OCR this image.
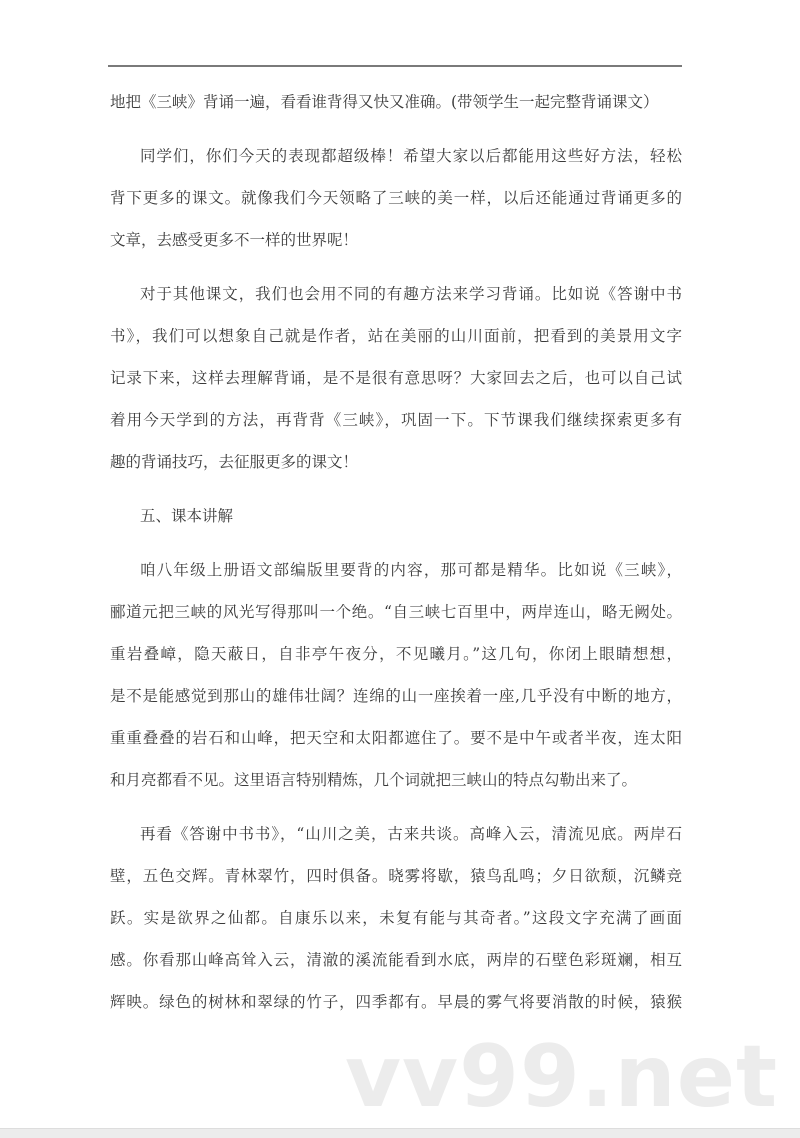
地把《三峡》背诵一遍，看看谁背得又快又准确。(带领学生一起完整背诵课文）
同学们，你们今天的表现都超级棒！希望大家以后都能用这些好方法，轻松
背下更多的课文。就像我们今天领略了三峡的美一样，以后还能通过背诵更多的
文章，去感受更多不一样的世界呢！
对于其他课文，我们也会用不同的有趣方法来学习背诵。比如说《答谢中书
书》，我们可以想象自己就是作者，站在美丽的山川面前，把看到的美景用文字
记录下来，这样去理解背诵，是不是很有意思呀？大家回去之后，也可以自己试
着用今天学到的方法，再背背《三峡》，巩固一下。下节课我们继续探索更多有
趣的背诵技巧，去征服更多的课文！
五、课本讲解
咱八年级上册语文部编版里要背的内容，那可都是精华。比如说《三峡》，
郦道元把三峡的风光写得那叫一个绝。“自三峡七百里中，两岸连山，略无阙处。
重岩叠嶂，隐天蔽日，自非亭午夜分，不见曦月。”这几句，你闭上眼睛想想，
是不是能感觉到那山的雄伟壮阔？连绵的山一座挨着一座,几乎没有中断的地方，
重重叠叠的岩石和山峰，把天空和太阳都遮住了。要不是中午或者半夜，连太阳
和月亮都看不见。这里语言特别精炼，几个词就把三峡山的特点勾勒出来了。
再看《答谢中书书》，“山川之美，古来共谈。高峰入云，清流见底。两岸石
壁，五色交辉。青林翠竹，四时俱备。晓雾将歇，猿鸟乱鸣；夕日欲颓，沉鳞竞
跃。实是欲界之仙都。自康乐以来，未复有能与其奇者。”这段文字充满了画面
感。你看那山峰高耸入云，清澈的溪流能看到水底，两岸的石壁色彩斑斓，相互
辉映。绿色的树林和翠绿的竹子，四季都有。早晨的雾气将要消散的时候，猿猴
vv99.net
